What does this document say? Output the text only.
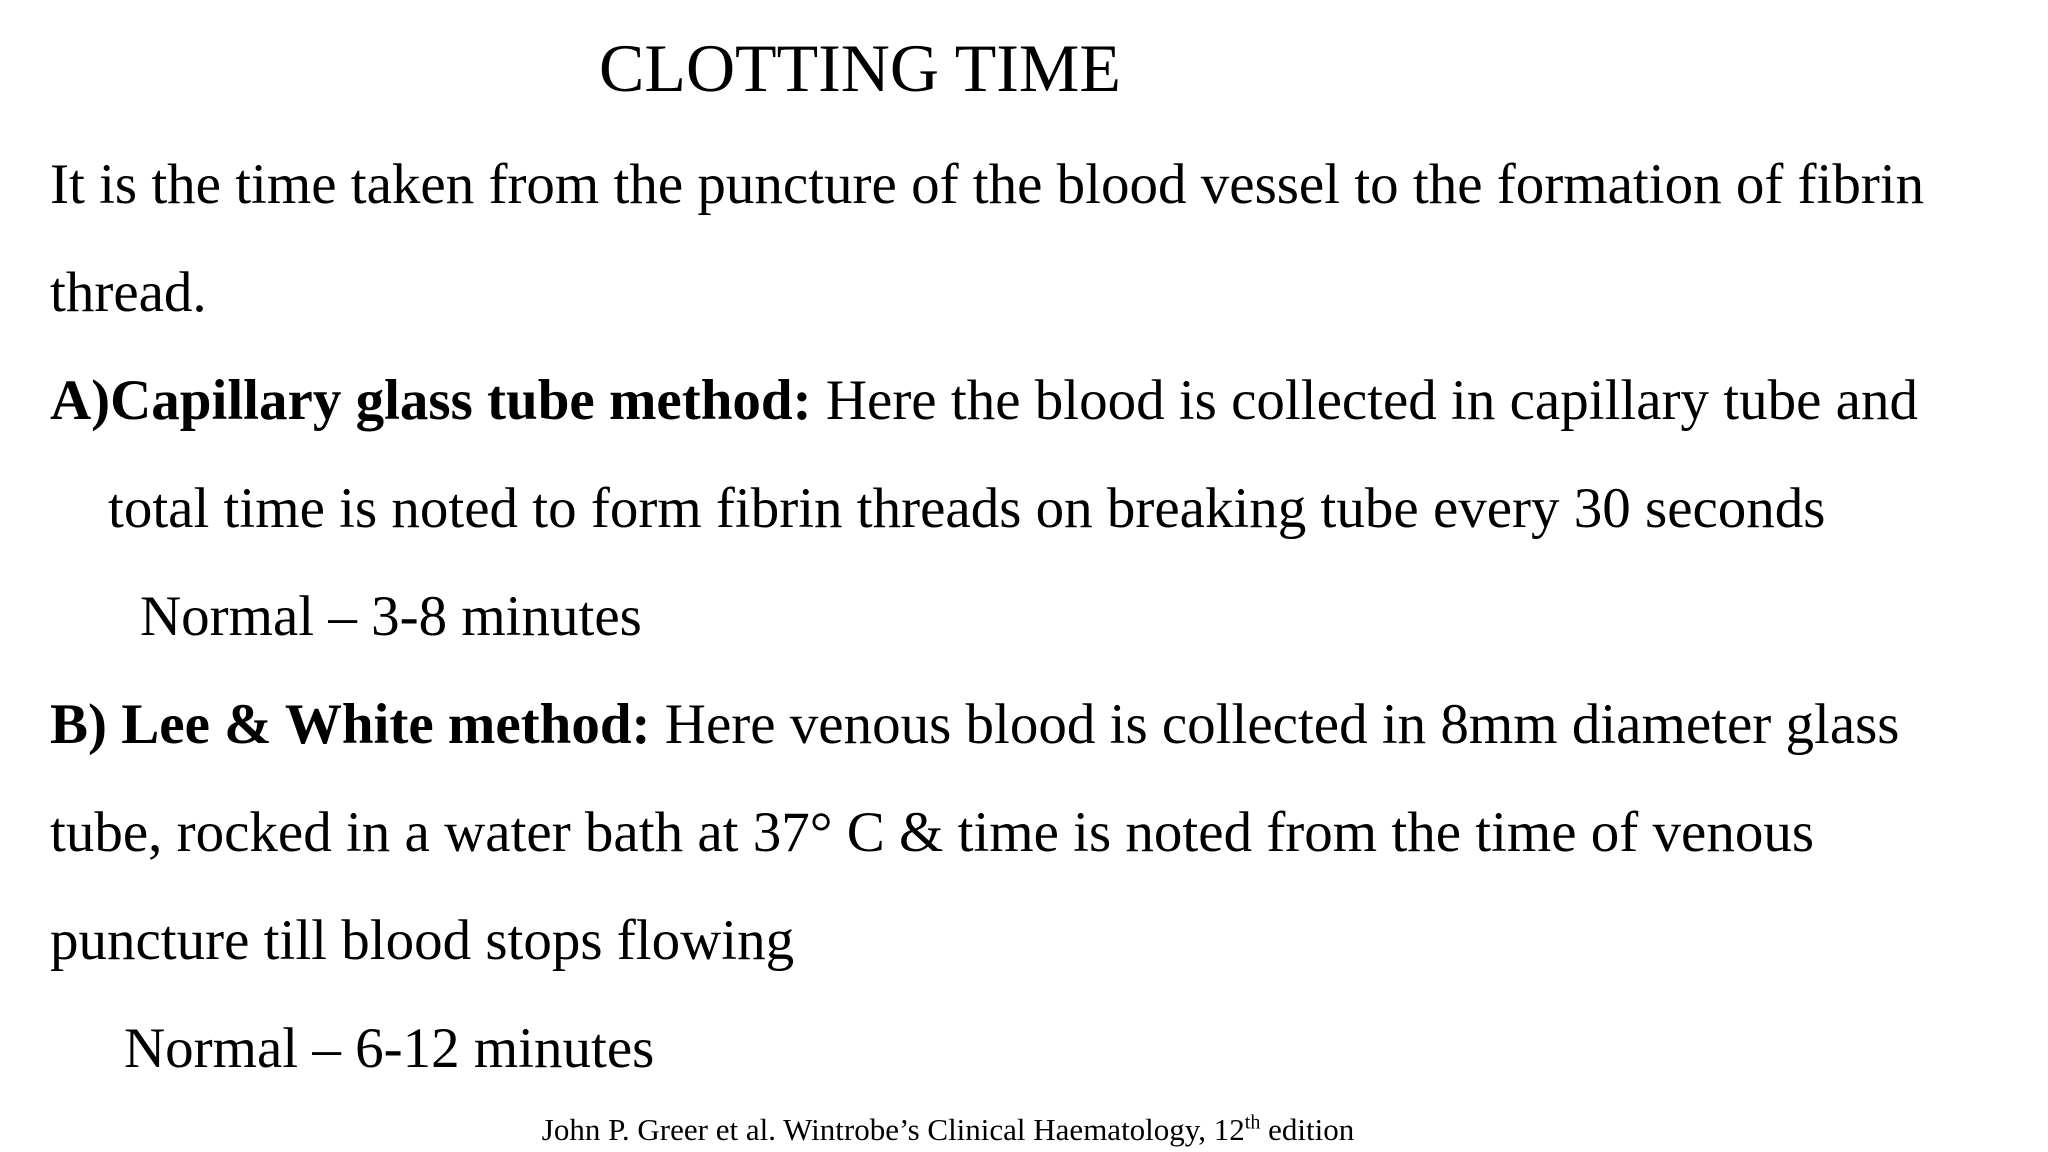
CLOTTING TIME
It is the time taken from the puncture of the blood vessel to the formation of fibrin
thread.
A)Capillary glass tube method: Here the blood is collected in capillary tube and
total time is noted to form fibrin threads on breaking tube every 30 seconds
Normal – 3-8 minutes
B) Lee & White method: Here venous blood is collected in 8mm diameter glass
tube, rocked in a water bath at 37° C & time is noted from the time of venous
puncture till blood stops flowing
Normal – 6-12 minutes
John P. Greer et al. Wintrobe’s Clinical Haematology, 12th edition
